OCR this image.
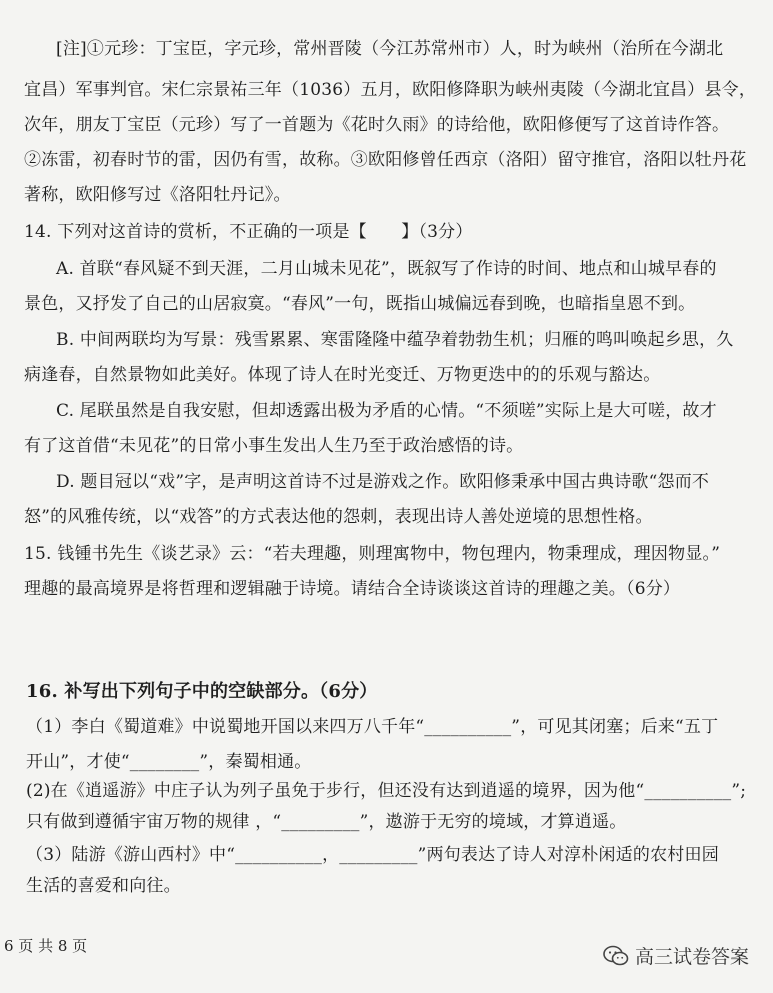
[注]①元珍：丁宝臣，字元珍，常州晋陵（今江苏常州市）人，时为峡州（治所在今湖北
宜昌）军事判官。宋仁宗景祐三年（1036）五月，欧阳修降职为峡州夷陵（今湖北宜昌）县令，
次年，朋友丁宝臣（元珍）写了一首题为《花时久雨》的诗给他，欧阳修便写了这首诗作答。
②冻雷，初春时节的雷，因仍有雪，故称。③欧阳修曾任西京（洛阳）留守推官，洛阳以牡丹花
著称，欧阳修写过《洛阳牡丹记》。
14. 下列对这首诗的赏析，不正确的一项是【　　】（3分）
A. 首联“春风疑不到天涯，二月山城未见花”，既叙写了作诗的时间、地点和山城早春的
景色，又抒发了自己的山居寂寞。“春风”一句，既指山城偏远春到晚，也暗指皇恩不到。
B. 中间两联均为写景：残雪累累、寒雷隆隆中蕴孕着勃勃生机；归雁的鸣叫唤起乡思，久
病逢春，自然景物如此美好。体现了诗人在时光变迁、万物更迭中的的乐观与豁达。
C. 尾联虽然是自我安慰，但却透露出极为矛盾的心情。“不须嗟”实际上是大可嗟，故才
有了这首借“未见花”的日常小事生发出人生乃至于政治感悟的诗。
D. 题目冠以“戏”字，是声明这首诗不过是游戏之作。欧阳修秉承中国古典诗歌“怨而不
怒”的风雅传统，以“戏答”的方式表达他的怨刺，表现出诗人善处逆境的思想性格。
15. 钱锺书先生《谈艺录》云：“若夫理趣，则理寓物中，物包理内，物秉理成，理因物显。”
理趣的最高境界是将哲理和逻辑融于诗境。请结合全诗谈谈这首诗的理趣之美。（6分）
16. 补写出下列句子中的空缺部分。（6分）
（1）李白《蜀道难》中说蜀地开国以来四万八千年“__________”，可见其闭塞；后来“五丁
开山”，才使“________”，秦蜀相通。
(2)在《逍遥游》中庄子认为列子虽免于步行，但还没有达到逍遥的境界，因为他“__________”;
只有做到遵循宇宙万物的规律 ，“_________”，遨游于无穷的境域，才算逍遥。
（3）陆游《游山西村》中“__________，_________”两句表达了诗人对淳朴闲适的农村田园
生活的喜爱和向往。
6 页 共 8 页	高三试卷答案
